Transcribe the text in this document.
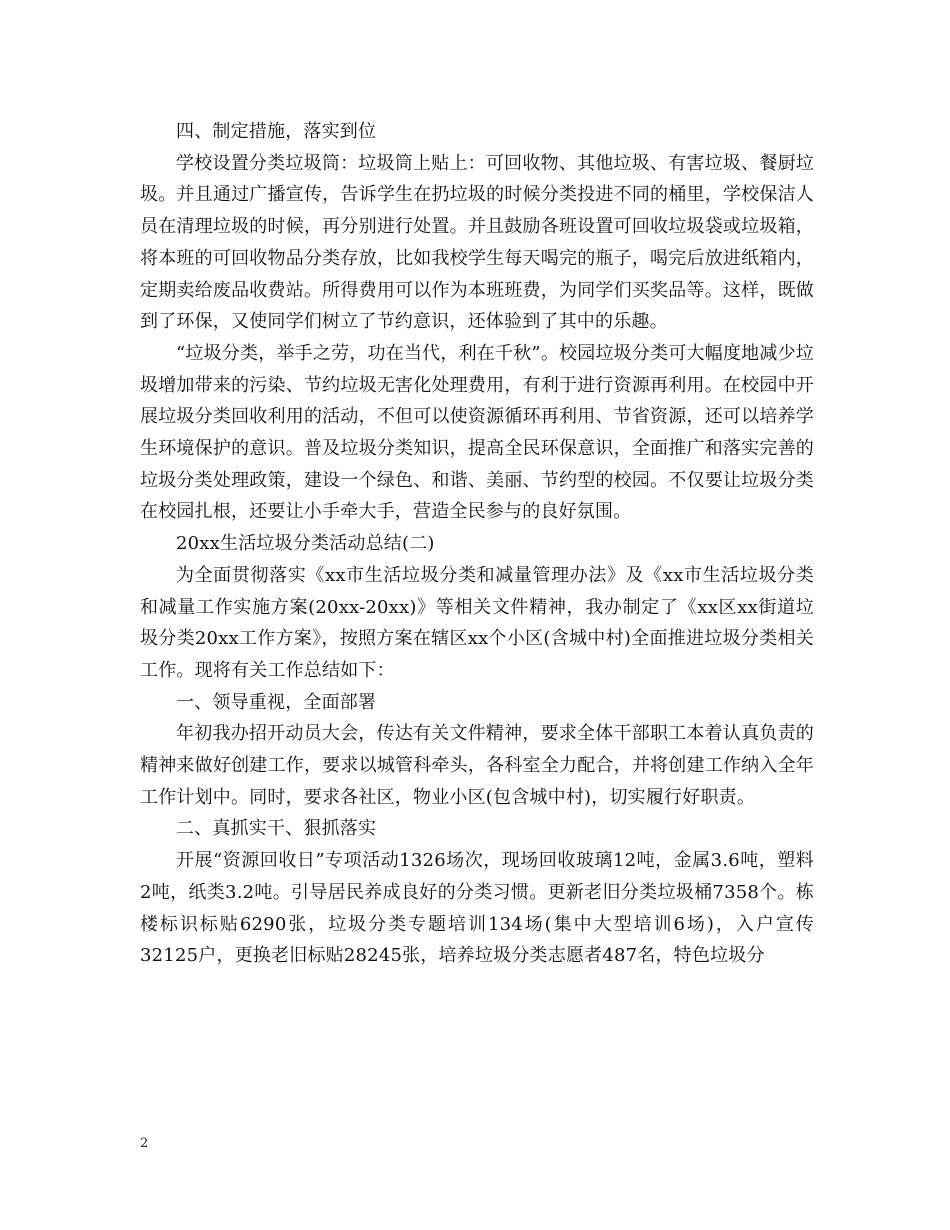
四、制定措施，落实到位

学校设置分类垃圾筒：垃圾筒上贴上：可回收物、其他垃圾、有害垃圾、餐厨垃圾。并且通过广播宣传，告诉学生在扔垃圾的时候分类投进不同的桶里，学校保洁人员在清理垃圾的时候，再分别进行处置。并且鼓励各班设置可回收垃圾袋或垃圾箱，将本班的可回收物品分类存放，比如我校学生每天喝完的瓶子，喝完后放进纸箱内，定期卖给废品收费站。所得费用可以作为本班班费，为同学们买奖品等。这样，既做到了环保，又使同学们树立了节约意识，还体验到了其中的乐趣。

“垃圾分类，举手之劳，功在当代，利在千秋”。校园垃圾分类可大幅度地减少垃圾增加带来的污染、节约垃圾无害化处理费用，有利于进行资源再利用。在校园中开展垃圾分类回收利用的活动，不但可以使资源循环再利用、节省资源，还可以培养学生环境保护的意识。普及垃圾分类知识，提高全民环保意识，全面推广和落实完善的垃圾分类处理政策，建设一个绿色、和谐、美丽、节约型的校园。不仅要让垃圾分类在校园扎根，还要让小手牵大手，营造全民参与的良好氛围。

20xx生活垃圾分类活动总结(二)

为全面贯彻落实《xx市生活垃圾分类和减量管理办法》及《xx市生活垃圾分类和减量工作实施方案(20xx-20xx)》等相关文件精神，我办制定了《xx区xx街道垃圾分类20xx工作方案》，按照方案在辖区xx个小区(含城中村)全面推进垃圾分类相关工作。现将有关工作总结如下：

一、领导重视，全面部署

年初我办招开动员大会，传达有关文件精神，要求全体干部职工本着认真负责的精神来做好创建工作，要求以城管科牵头，各科室全力配合，并将创建工作纳入全年工作计划中。同时，要求各社区，物业小区(包含城中村)，切实履行好职责。

二、真抓实干、狠抓落实

开展“资源回收日”专项活动1326场次，现场回收玻璃12吨，金属3.6吨，塑料2吨，纸类3.2吨。引导居民养成良好的分类习惯。更新老旧分类垃圾桶7358个。栋楼标识标贴6290张，垃圾分类专题培训134场(集中大型培训6场)，入户宣传32125户，更换老旧标贴28245张，培养垃圾分类志愿者487名，特色垃圾分

2
